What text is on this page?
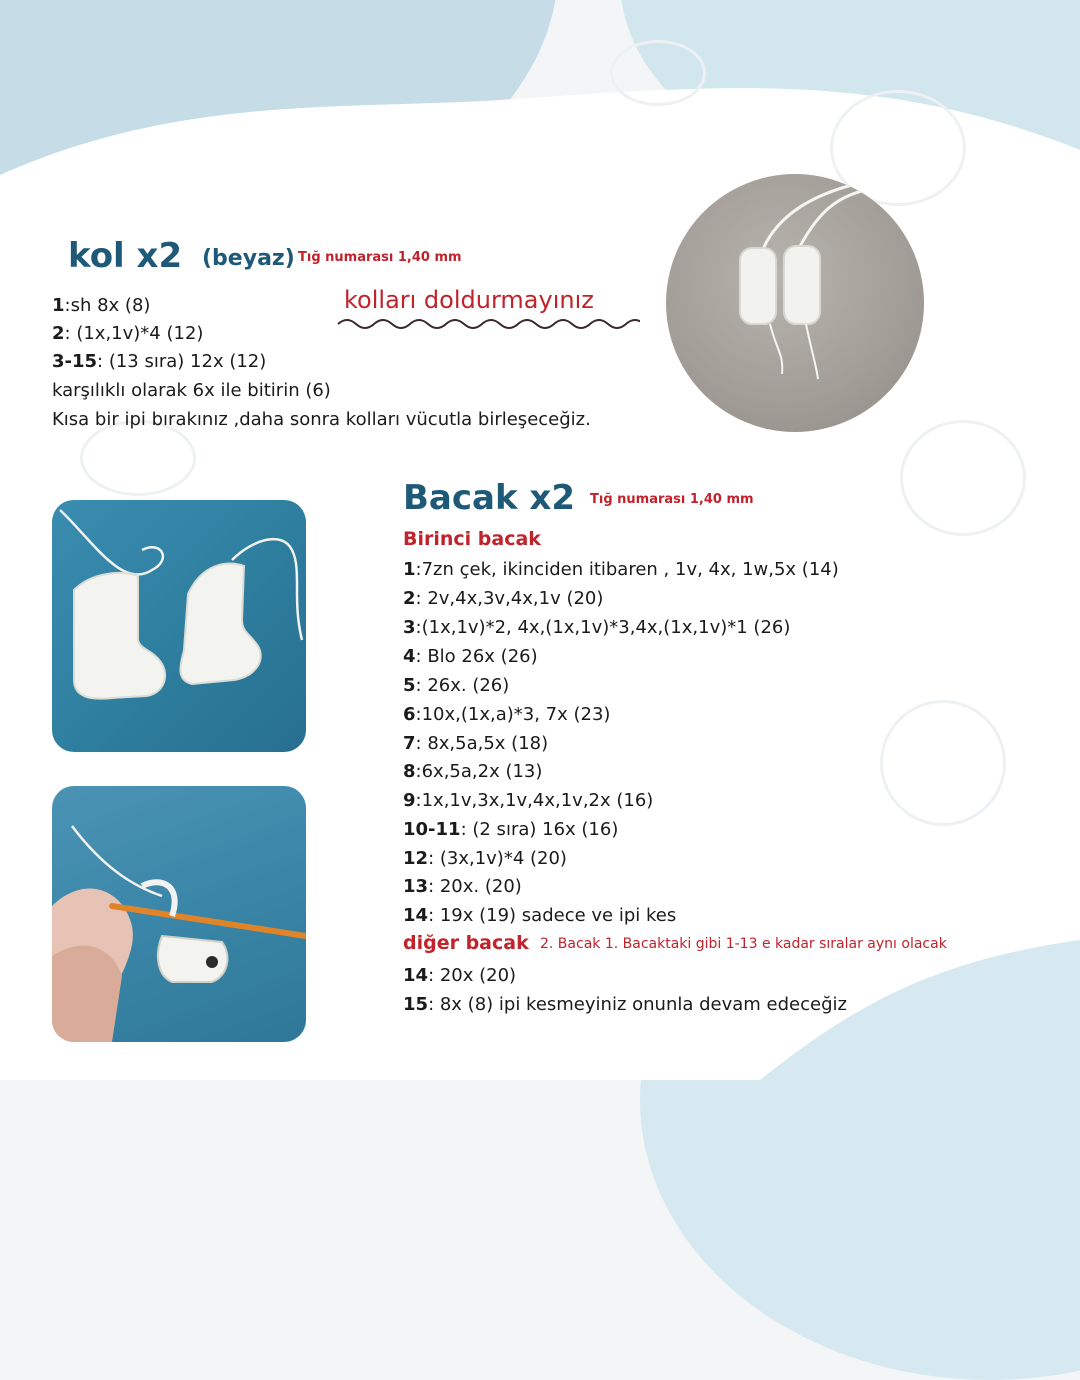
kol x2 (beyaz) Tığ numarası 1,40 mm
kolları doldurmayınız
1:sh 8x (8)
2: (1x,1v)*4 (12)
3-15: (13 sıra) 12x (12)
karşılıklı olarak 6x ile bitirin (6)
Kısa bir ipi bırakınız ,daha sonra kolları vücutla birleşeceğiz.
Bacak x2 Tığ numarası 1,40 mm
Birinci bacak
1:7zn çek, ikinciden itibaren , 1v, 4x, 1w,5x (14)
2: 2v,4x,3v,4x,1v (20)
3:(1x,1v)*2, 4x,(1x,1v)*3,4x,(1x,1v)*1 (26)
4: Blo 26x (26)
5: 26x. (26)
6:10x,(1x,a)*3, 7x (23)
7: 8x,5a,5x (18)
8:6x,5a,2x (13)
9:1x,1v,3x,1v,4x,1v,2x (16)
10-11: (2 sıra) 16x (16)
12: (3x,1v)*4 (20)
13: 20x. (20)
14: 19x (19) sadece ve ipi kes
diğer bacak 2. Bacak 1. Bacaktaki gibi 1-13 e kadar sıralar aynı olacak
14: 20x (20)
15: 8x (8) ipi kesmeyiniz onunla devam edeceğiz
